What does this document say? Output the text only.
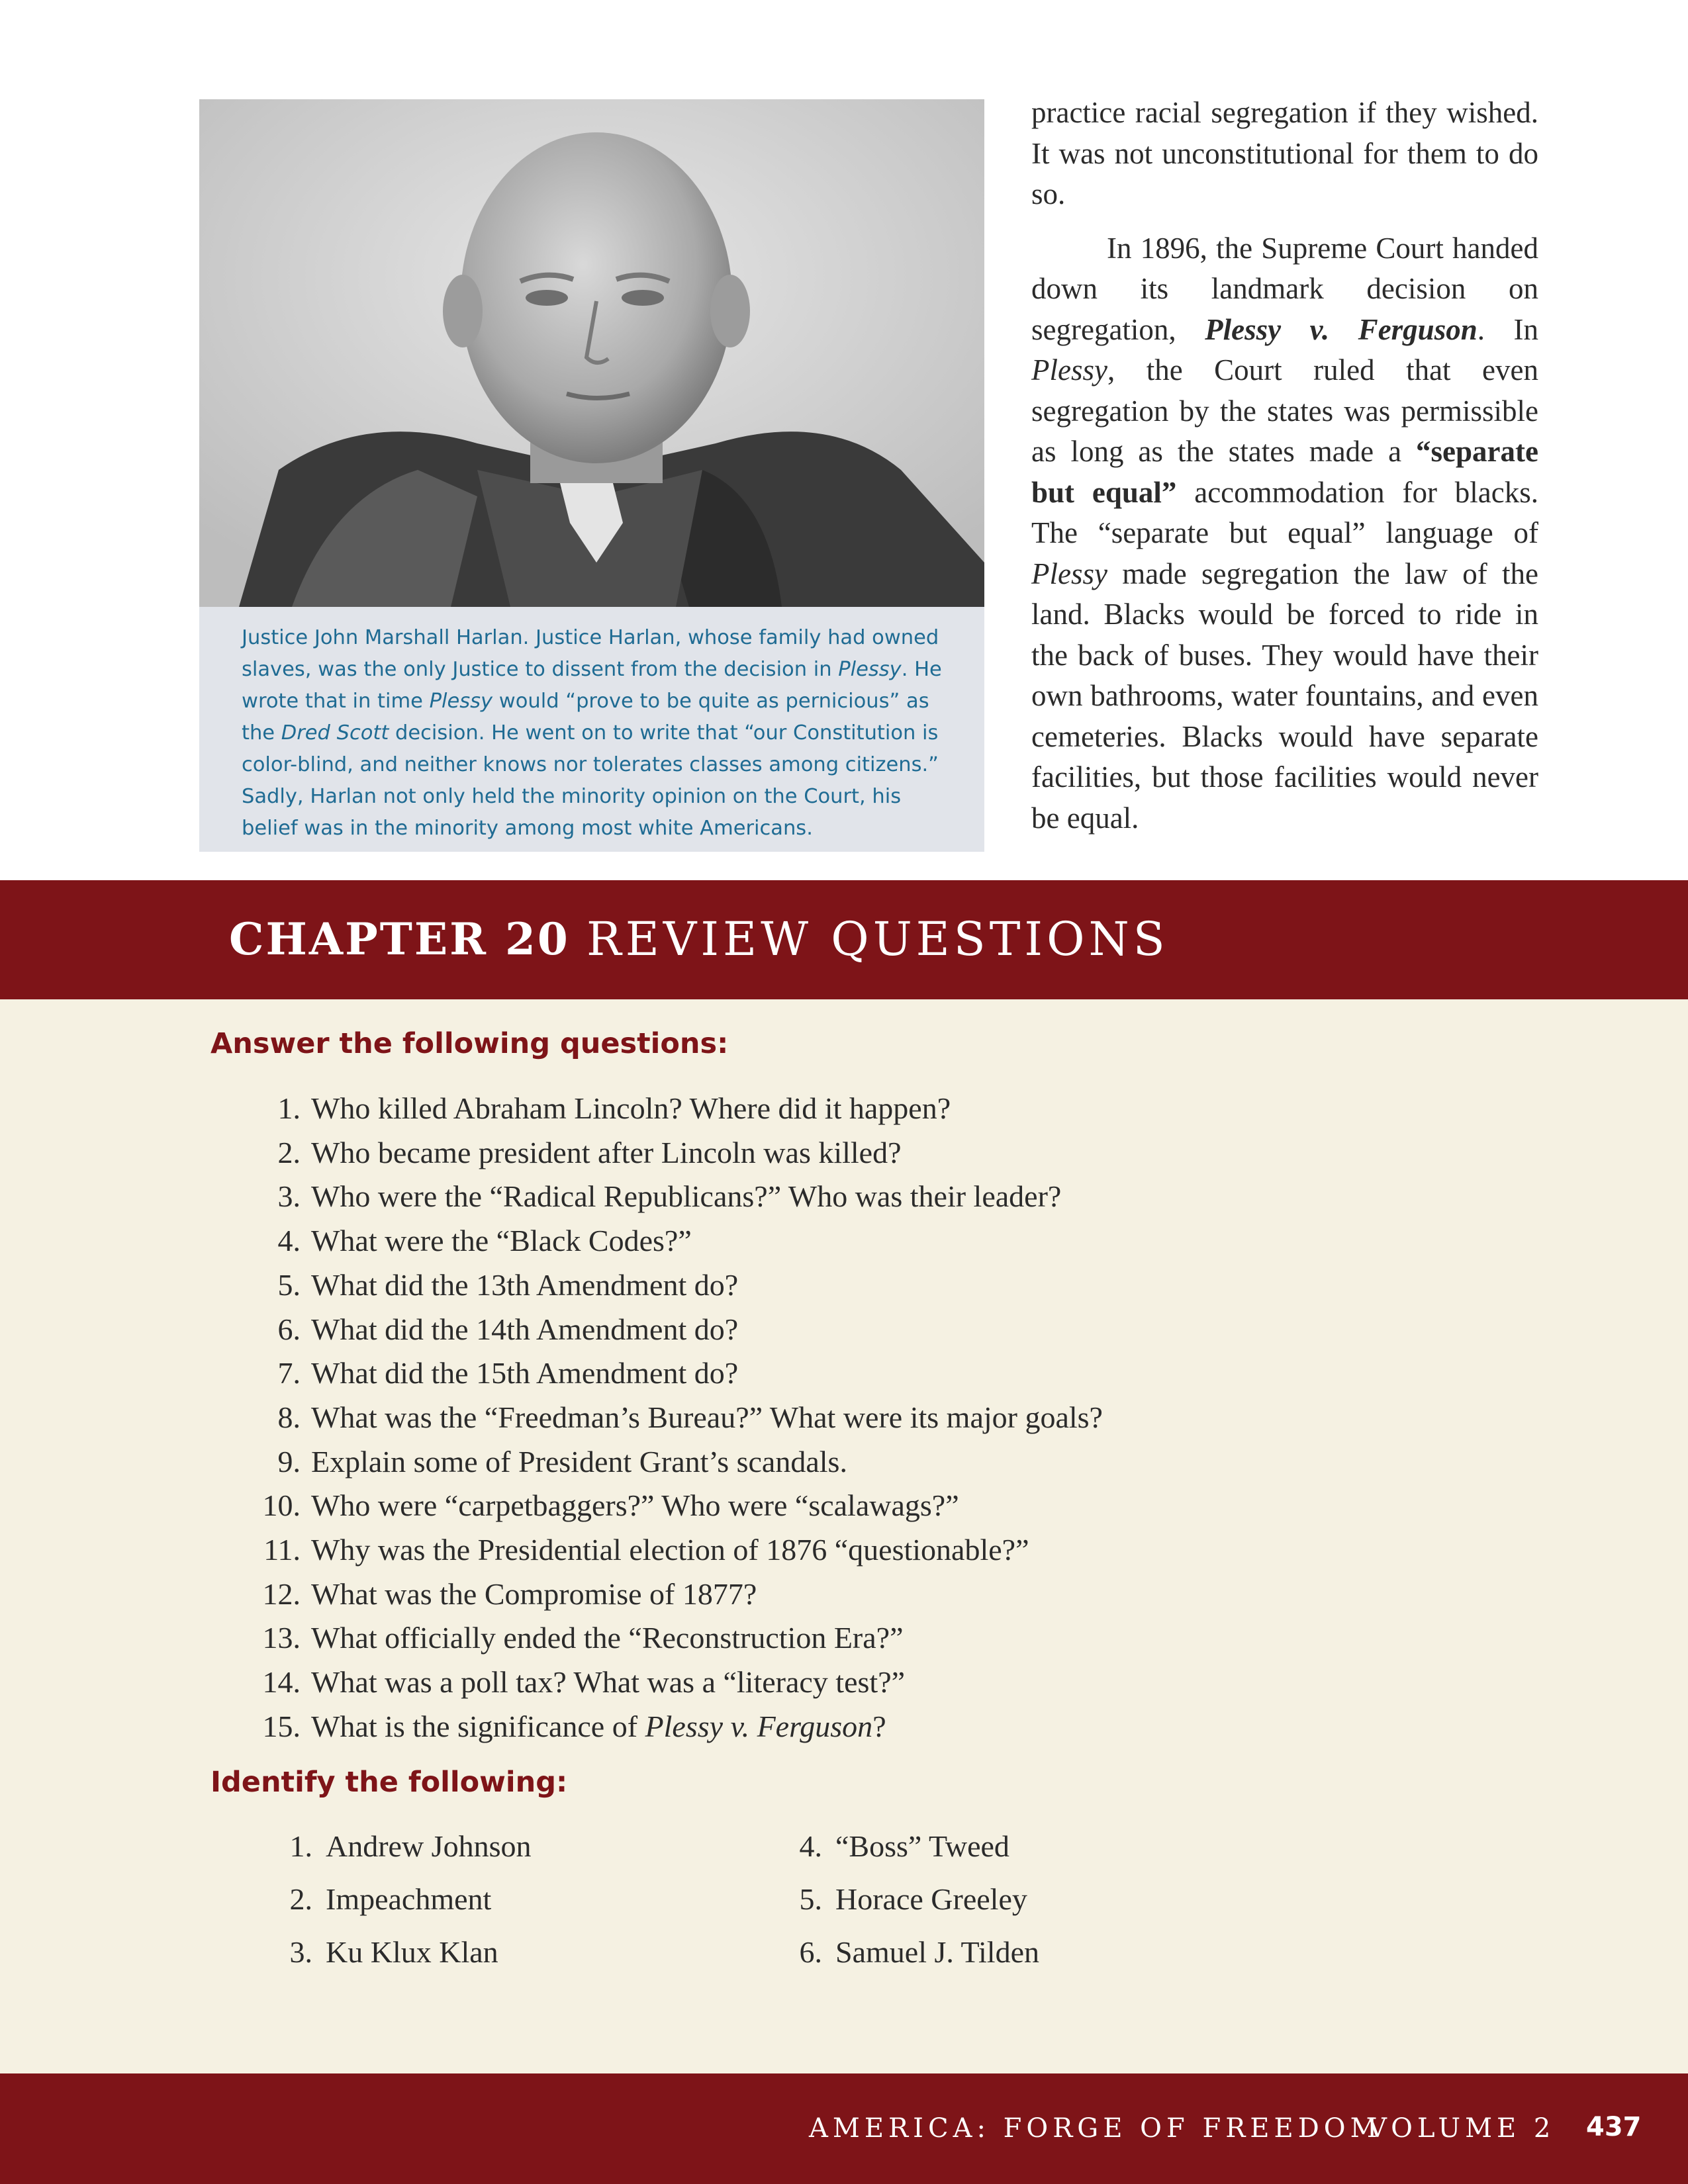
Justice John Marshall Harlan. Justice Harlan, whose family had owned slaves, was the only Justice to dissent from the decision in Plessy. He wrote that in time Plessy would “prove to be quite as pernicious” as the Dred Scott decision. He went on to write that “our Constitution is color-blind, and neither knows nor tolerates classes among citizens.” Sadly, Harlan not only held the minority opinion on the Court, his belief was in the minority among most white Americans.

practice racial segregation if they wished. It was not unconstitutional for them to do so.

In 1896, the Supreme Court handed down its landmark decision on segregation, Plessy v. Ferguson. In Plessy, the Court ruled that even segregation by the states was permissible as long as the states made a “separate but equal” accommodation for blacks. The “separate but equal” language of Plessy made segregation the law of the land. Blacks would be forced to ride in the back of buses. They would have their own bathrooms, water fountains, and even cemeteries. Blacks would have separate facilities, but those facilities would never be equal.

CHAPTER 20 REVIEW QUESTIONS
Answer the following questions:
1. Who killed Abraham Lincoln? Where did it happen?
2. Who became president after Lincoln was killed?
3. Who were the “Radical Republicans?” Who was their leader?
4. What were the “Black Codes?”
5. What did the 13th Amendment do?
6. What did the 14th Amendment do?
7. What did the 15th Amendment do?
8. What was the “Freedman’s Bureau?” What were its major goals?
9. Explain some of President Grant’s scandals.
10. Who were “carpetbaggers?” Who were “scalawags?”
11. Why was the Presidential election of 1876 “questionable?”
12. What was the Compromise of 1877?
13. What officially ended the “Reconstruction Era?”
14. What was a poll tax? What was a “literacy test?”
15. What is the significance of Plessy v. Ferguson?
Identify the following:
1. Andrew Johnson
2. Impeachment
3. Ku Klux Klan
4. “Boss” Tweed
5. Horace Greeley
6. Samuel J. Tilden
AMERICA: FORGE OF FREEDOM
VOLUME 2 437
